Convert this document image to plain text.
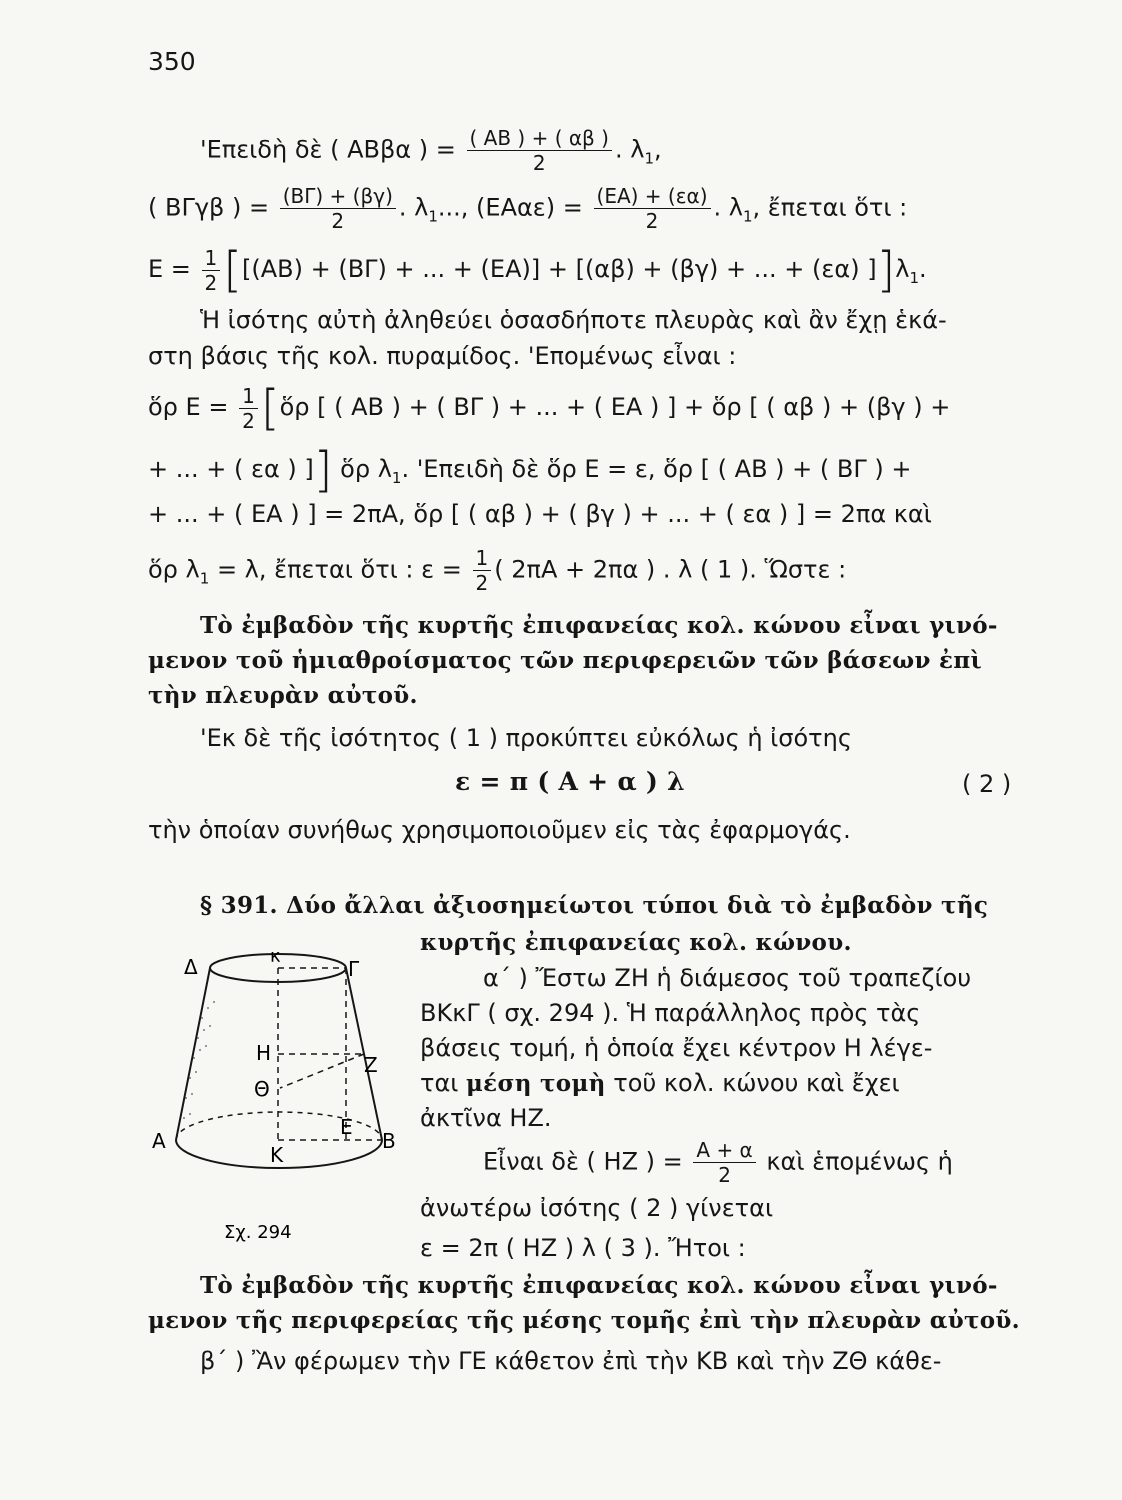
350
'Επειδὴ δὲ ( ΑΒβα ) = $\frac{( AB ) + ( \alpha\beta )}{2}$ . $\lambda_1$,
( ΒΓγβ ) = $\frac{(B\Gamma) + (\beta\gamma)}{2}$ . $\lambda_1$..., $(EA\alpha\varepsilon) = \frac{(EA) + (\varepsilon\alpha)}{2}$ . $\lambda_1$, ἔπεται ὅτι :
$E = \frac{1}{2} [[(AB) + (B\Gamma)$ + ... + (ΕΑ)] + [(αβ) + (βγ) + ... + (εα) ]]$\lambda_1$.
Ἡ ἰσότης αὐτὴ ἀληθεύει ὁσασδήποτε πλευρὰς καὶ ἂν ἔχῃ ἑκά-
στη βάσις τῆς κολ. πυραμίδος. 'Επομένως εἶναι :
ὅρ $E = \frac{1}{2}$ [ὅρ [ ( ΑΒ ) + ( ΒΓ ) + ... + ( ΕΑ ) ] + ὅρ [ ( αβ ) + (βγ ) +
+ ... + ( εα ) ]] ὅρ $\lambda_1$. 'Επειδὴ δὲ ὅρ Ε = ε, ὅρ [ ( ΑΒ ) + ( ΒΓ ) +
+ ... + ( ΕΑ ) ] = 2πΑ, ὅρ [ ( αβ ) + ( βγ ) + ... + ( εα ) ] = 2πα καὶ
ὅρ $\lambda_1 = \lambda$, ἔπεται ὅτι : $\varepsilon = \frac{1}{2}$ ( 2πΑ + 2πα ) . λ ( 1 ). Ὥστε :
Τὸ ἐμβαδὸν τῆς κυρτῆς ἐπιφανείας κολ. κώνου εἶναι γινό-
μενον τοῦ ἡμιαθροίσματος τῶν περιφερειῶν τῶν βάσεων ἐπὶ
τὴν πλευρὰν αὐτοῦ.
'Εκ δὲ τῆς ἰσότητος ( 1 ) προκύπτει εὐκόλως ἡ ἰσότης
ε = π ( Α + α ) λ	( 2 )
τὴν ὁποίαν συνήθως χρησιμοποιοῦμεν εἰς τὰς ἐφαρμογάς.
§ 391. Δύο ἄλλαι ἀξιοσημείωτοι τύποι διὰ τὸ ἐμβαδὸν τῆς
κυρτῆς ἐπιφανείας κολ. κώνου.
Δ	κ
Γ
Η	Ζ
Θ
Α
Κ
Ε
Β
Σχ. 294
α΄ ) Ἔστω ΖΗ ἡ διάμεσος τοῦ τραπεζίου
ΒΚκΓ ( σχ. 294 ). Ἡ παράλληλος πρὸς τὰς
βάσεις τομή, ἡ ὁποία ἔχει κέντρον Η λέγε-
ται μέση τομὴ τοῦ κολ. κώνου καὶ ἔχει
ἀκτῖνα ΗΖ.
Εἶναι δὲ ( ΗΖ ) = $\frac{A + \alpha}{2}$ καὶ ἑπομένως ἡ
ἀνωτέρω ἰσότης ( 2 ) γίνεται
ε = 2π ( ΗΖ ) λ ( 3 ). Ἤτοι :
Τὸ ἐμβαδὸν τῆς κυρτῆς ἐπιφανείας κολ. κώνου εἶναι γινό-
μενον τῆς περιφερείας τῆς μέσης τομῆς ἐπὶ τὴν πλευρὰν αὐτοῦ.
β΄ ) Ἂν φέρωμεν τὴν ΓΕ κάθετον ἐπὶ τὴν ΚΒ καὶ τὴν ΖΘ κάθε-
